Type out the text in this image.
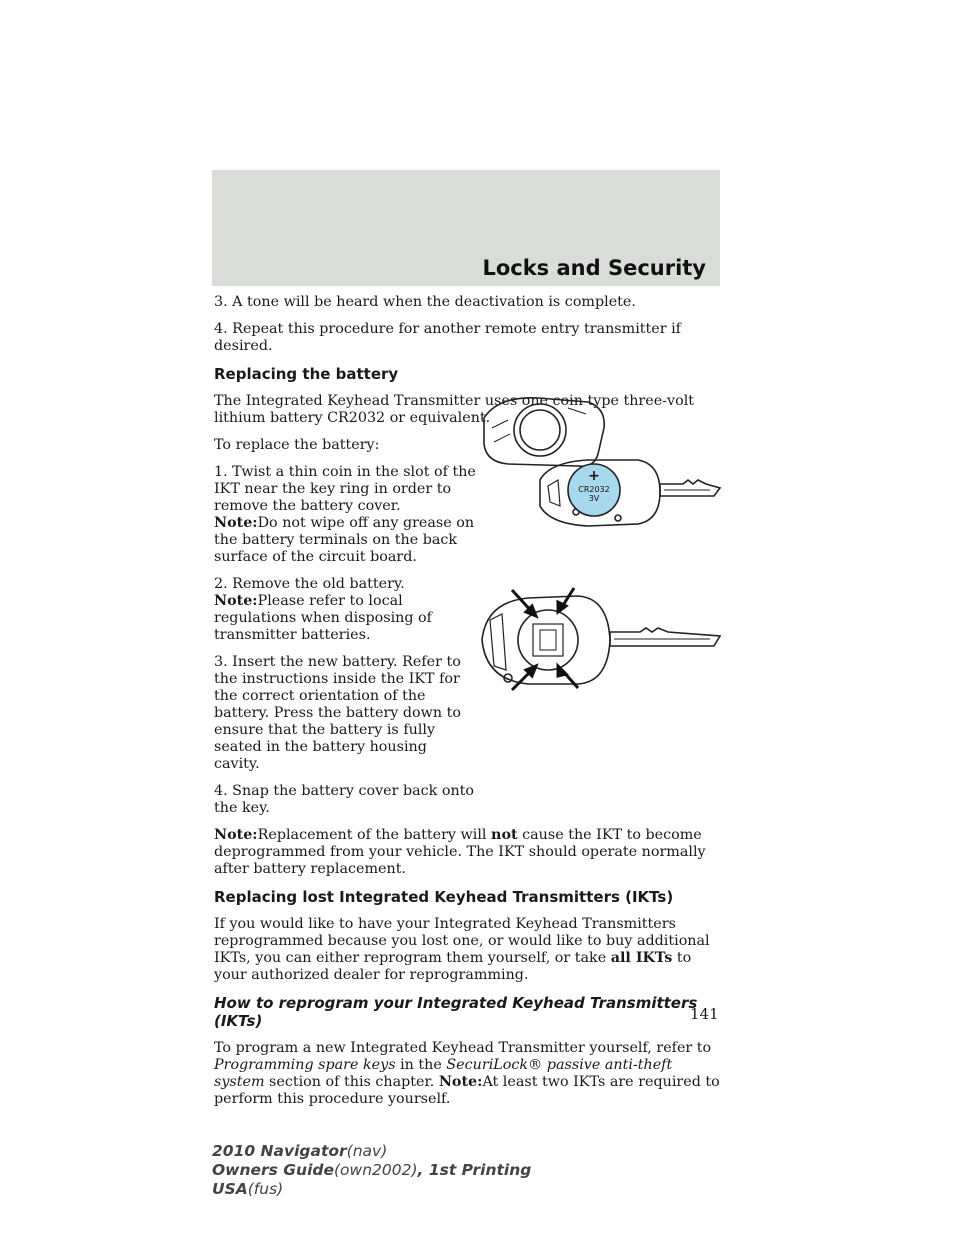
Locks and Security

3. A tone will be heard when the deactivation is complete.

4. Repeat this procedure for another remote entry transmitter if desired.

Replacing the battery

The Integrated Keyhead Transmitter uses one coin type three-volt lithium battery CR2032 or equivalent.

To replace the battery:

1. Twist a thin coin in the slot of the IKT near the key ring in order to remove the battery cover.

Note:Do not wipe off any grease on the battery terminals on the back surface of the circuit board.

2. Remove the old battery.

Note:Please refer to local regulations when disposing of transmitter batteries.

3. Insert the new battery. Refer to the instructions inside the IKT for the correct orientation of the battery. Press the battery down to ensure that the battery is fully seated in the battery housing cavity.

4. Snap the battery cover back onto the key.

Note:Replacement of the battery will not cause the IKT to become deprogrammed from your vehicle. The IKT should operate normally after battery replacement.

Replacing lost Integrated Keyhead Transmitters (IKTs)

If you would like to have your Integrated Keyhead Transmitters reprogrammed because you lost one, or would like to buy additional IKTs, you can either reprogram them yourself, or take all IKTs to your authorized dealer for reprogramming.

How to reprogram your Integrated Keyhead Transmitters (IKTs)

To program a new Integrated Keyhead Transmitter yourself, refer to Programming spare keys in the SecuriLock® passive anti-theft system section of this chapter. Note:At least two IKTs are required to perform this procedure yourself.

+
CR2032
3V
141
2010 Navigator(nav)
Owners Guide(own2002), 1st Printing
USA(fus)
